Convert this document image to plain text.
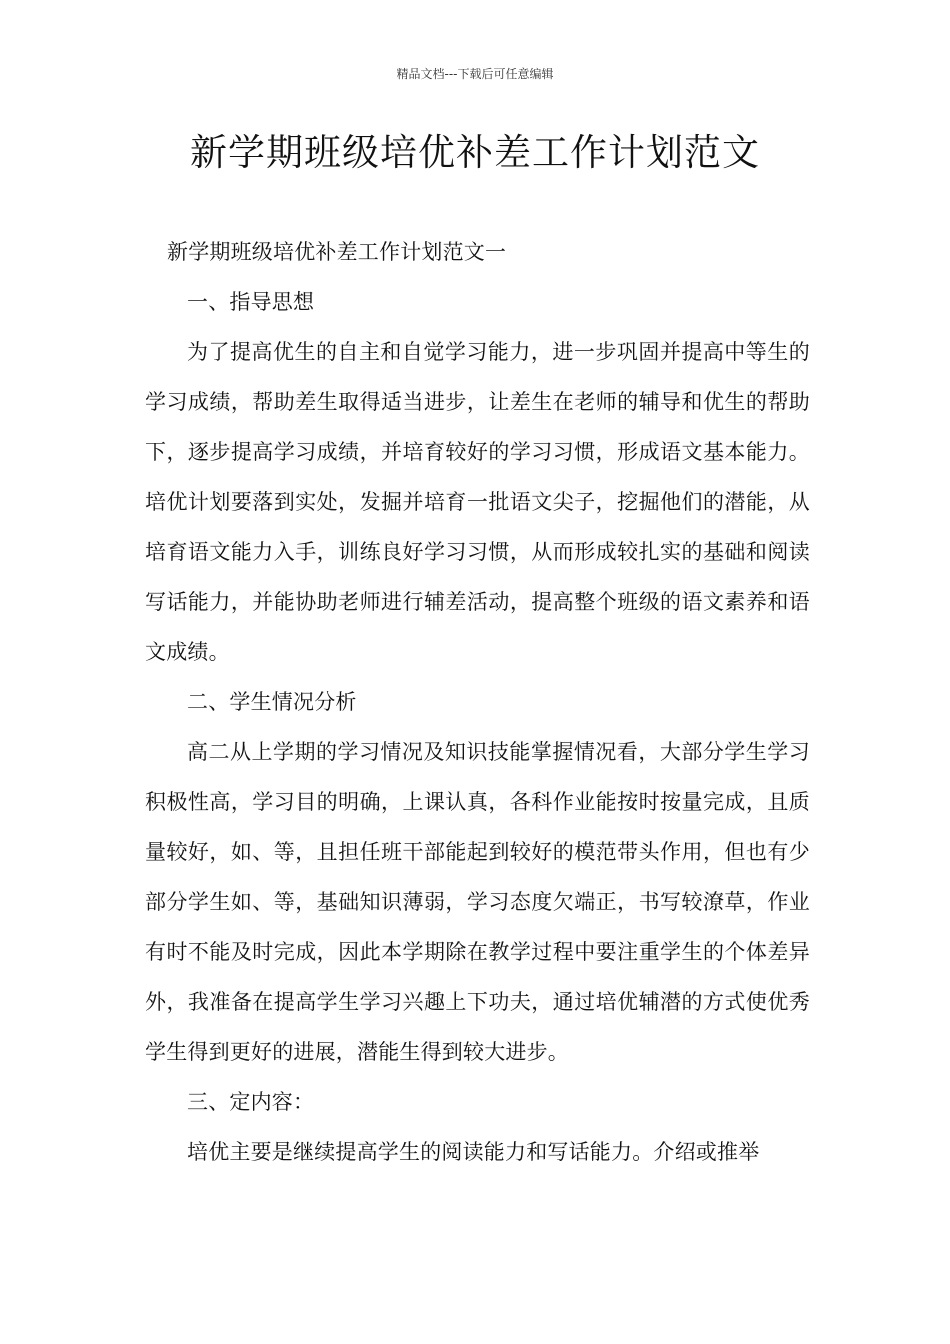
精品文档---下载后可任意编辑
新学期班级培优补差工作计划范文

新学期班级培优补差工作计划范文一

一、指导思想

为了提高优生的自主和自觉学习能力，进一步巩固并提高中等生的学习成绩，帮助差生取得适当进步，让差生在老师的辅导和优生的帮助下，逐步提高学习成绩，并培育较好的学习习惯，形成语文基本能力。培优计划要落到实处，发掘并培育一批语文尖子，挖掘他们的潜能，从培育语文能力入手，训练良好学习习惯，从而形成较扎实的基础和阅读写话能力，并能协助老师进行辅差活动，提高整个班级的语文素养和语文成绩。

二、学生情况分析

高二从上学期的学习情况及知识技能掌握情况看，大部分学生学习积极性高，学习目的明确，上课认真，各科作业能按时按量完成，且质量较好，如、等，且担任班干部能起到较好的模范带头作用，但也有少部分学生如、等，基础知识薄弱，学习态度欠端正，书写较潦草，作业有时不能及时完成，因此本学期除在教学过程中要注重学生的个体差异外，我准备在提高学生学习兴趣上下功夫，通过培优辅潜的方式使优秀学生得到更好的进展，潜能生得到较大进步。

三、定内容：

培优主要是继续提高学生的阅读能力和写话能力。介绍或推举
